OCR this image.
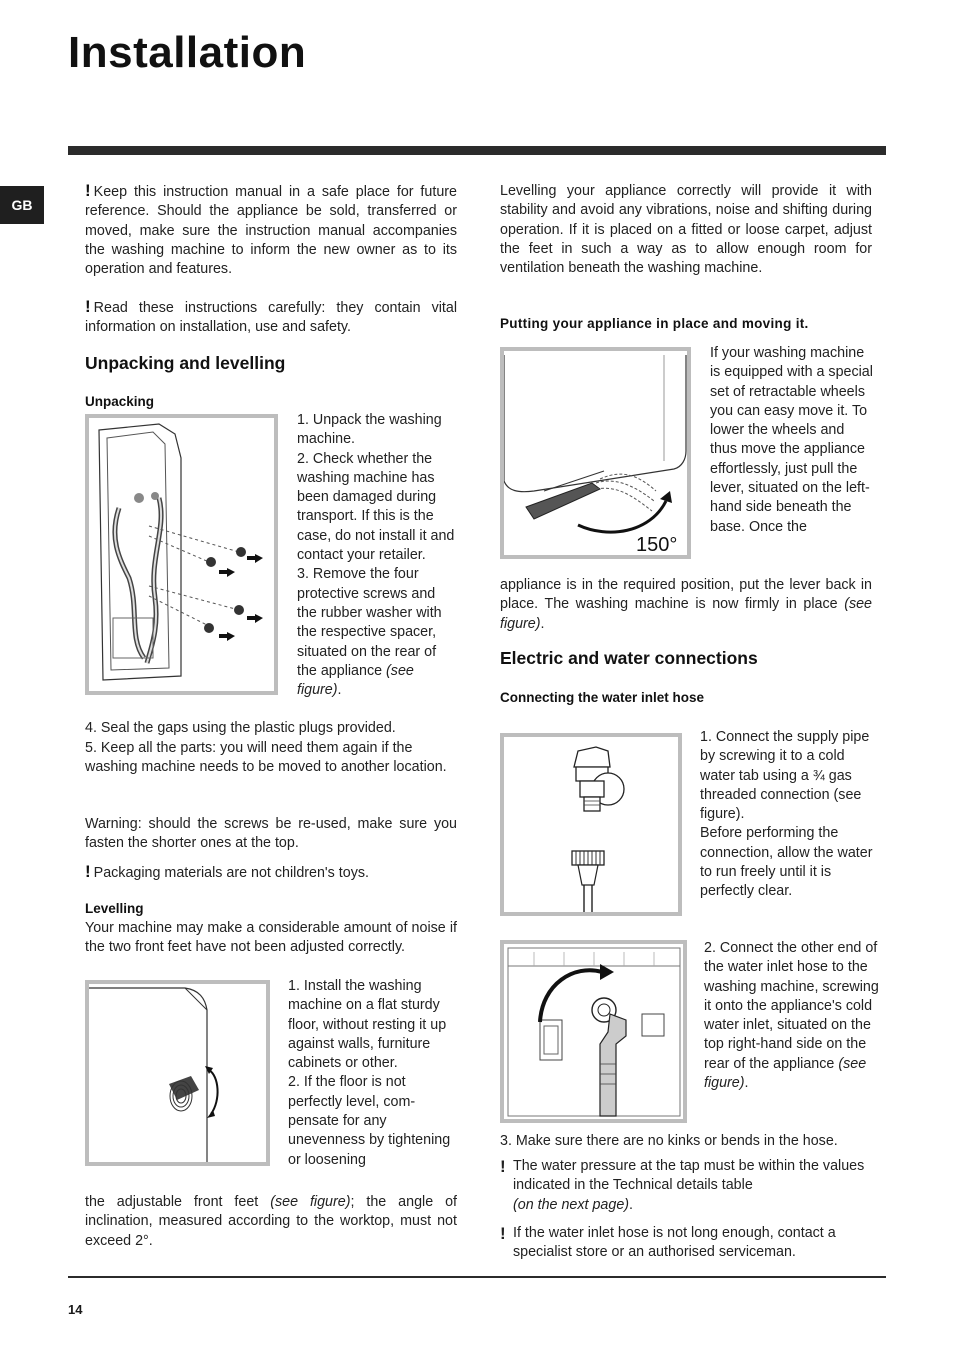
Installation
GB
! Keep this instruction manual in a safe place for future reference. Should the appliance be sold, transferred or moved, make sure the instruction manual accompanies the washing machine to inform the new owner as to its operation and features.
! Read these instructions carefully: they contain vital information on installation, use and safety.
Unpacking and levelling
Unpacking
1. Unpack the washing machine.
2. Check whether the washing machine has been damaged during transport. If this is the case, do not install it and contact your retailer.
3. Remove the four protective screws and the rubber washer with the respective spacer, situated on the rear of the appliance (see figure).
4. Seal the gaps using the plastic plugs provided.
5. Keep all the parts: you will need them again if the washing machine needs to be moved to another location.
Warning: should the screws be re-used, make sure you fasten the shorter ones at the top.
! Packaging materials are not children's toys.
Levelling
Your machine may make a considerable amount of noise if the two front feet have not been adjusted correctly.
1. Install the washing machine on a flat sturdy floor, without resting it up against walls, furniture cabinets or other.
2. If the floor is not perfectly level, com-pensate for any unevenness by tightening or loosening
the adjustable front feet (see figure); the angle of inclination, measured according to the worktop, must not exceed 2°.
Levelling your appliance correctly will provide it with stability and avoid any vibrations, noise and shifting during operation. If it is placed on a fitted or loose carpet, adjust the feet in such a way as to allow enough room for ventilation beneath the washing machine.
Putting your appliance in place and moving it.
150°
If your washing machine is equipped with a special set of retractable wheels you can easy move it. To lower the wheels and thus move the appliance effortlessly, just pull the lever, situated on the left-hand side beneath the base. Once the
appliance is in the required position, put the lever back in place. The washing machine is now firmly in place (see figure).
Electric and water connections
Connecting the water inlet hose
1. Connect the supply pipe by screwing it to a cold water tab using a ¾ gas threaded connection (see figure).
Before performing the connection, allow the water to run freely until it is perfectly clear.
2. Connect the other end of the water inlet hose to the washing machine, screwing it onto the appliance's cold water inlet, situated on the top right-hand side on the rear of the appliance (see figure).
3. Make sure there are no kinks or bends in the hose.
! The water pressure at the tap must be within the values indicated in the Technical details table
(on the next page).
! If the water inlet hose is not long enough, contact a specialist store or an authorised serviceman.
14
